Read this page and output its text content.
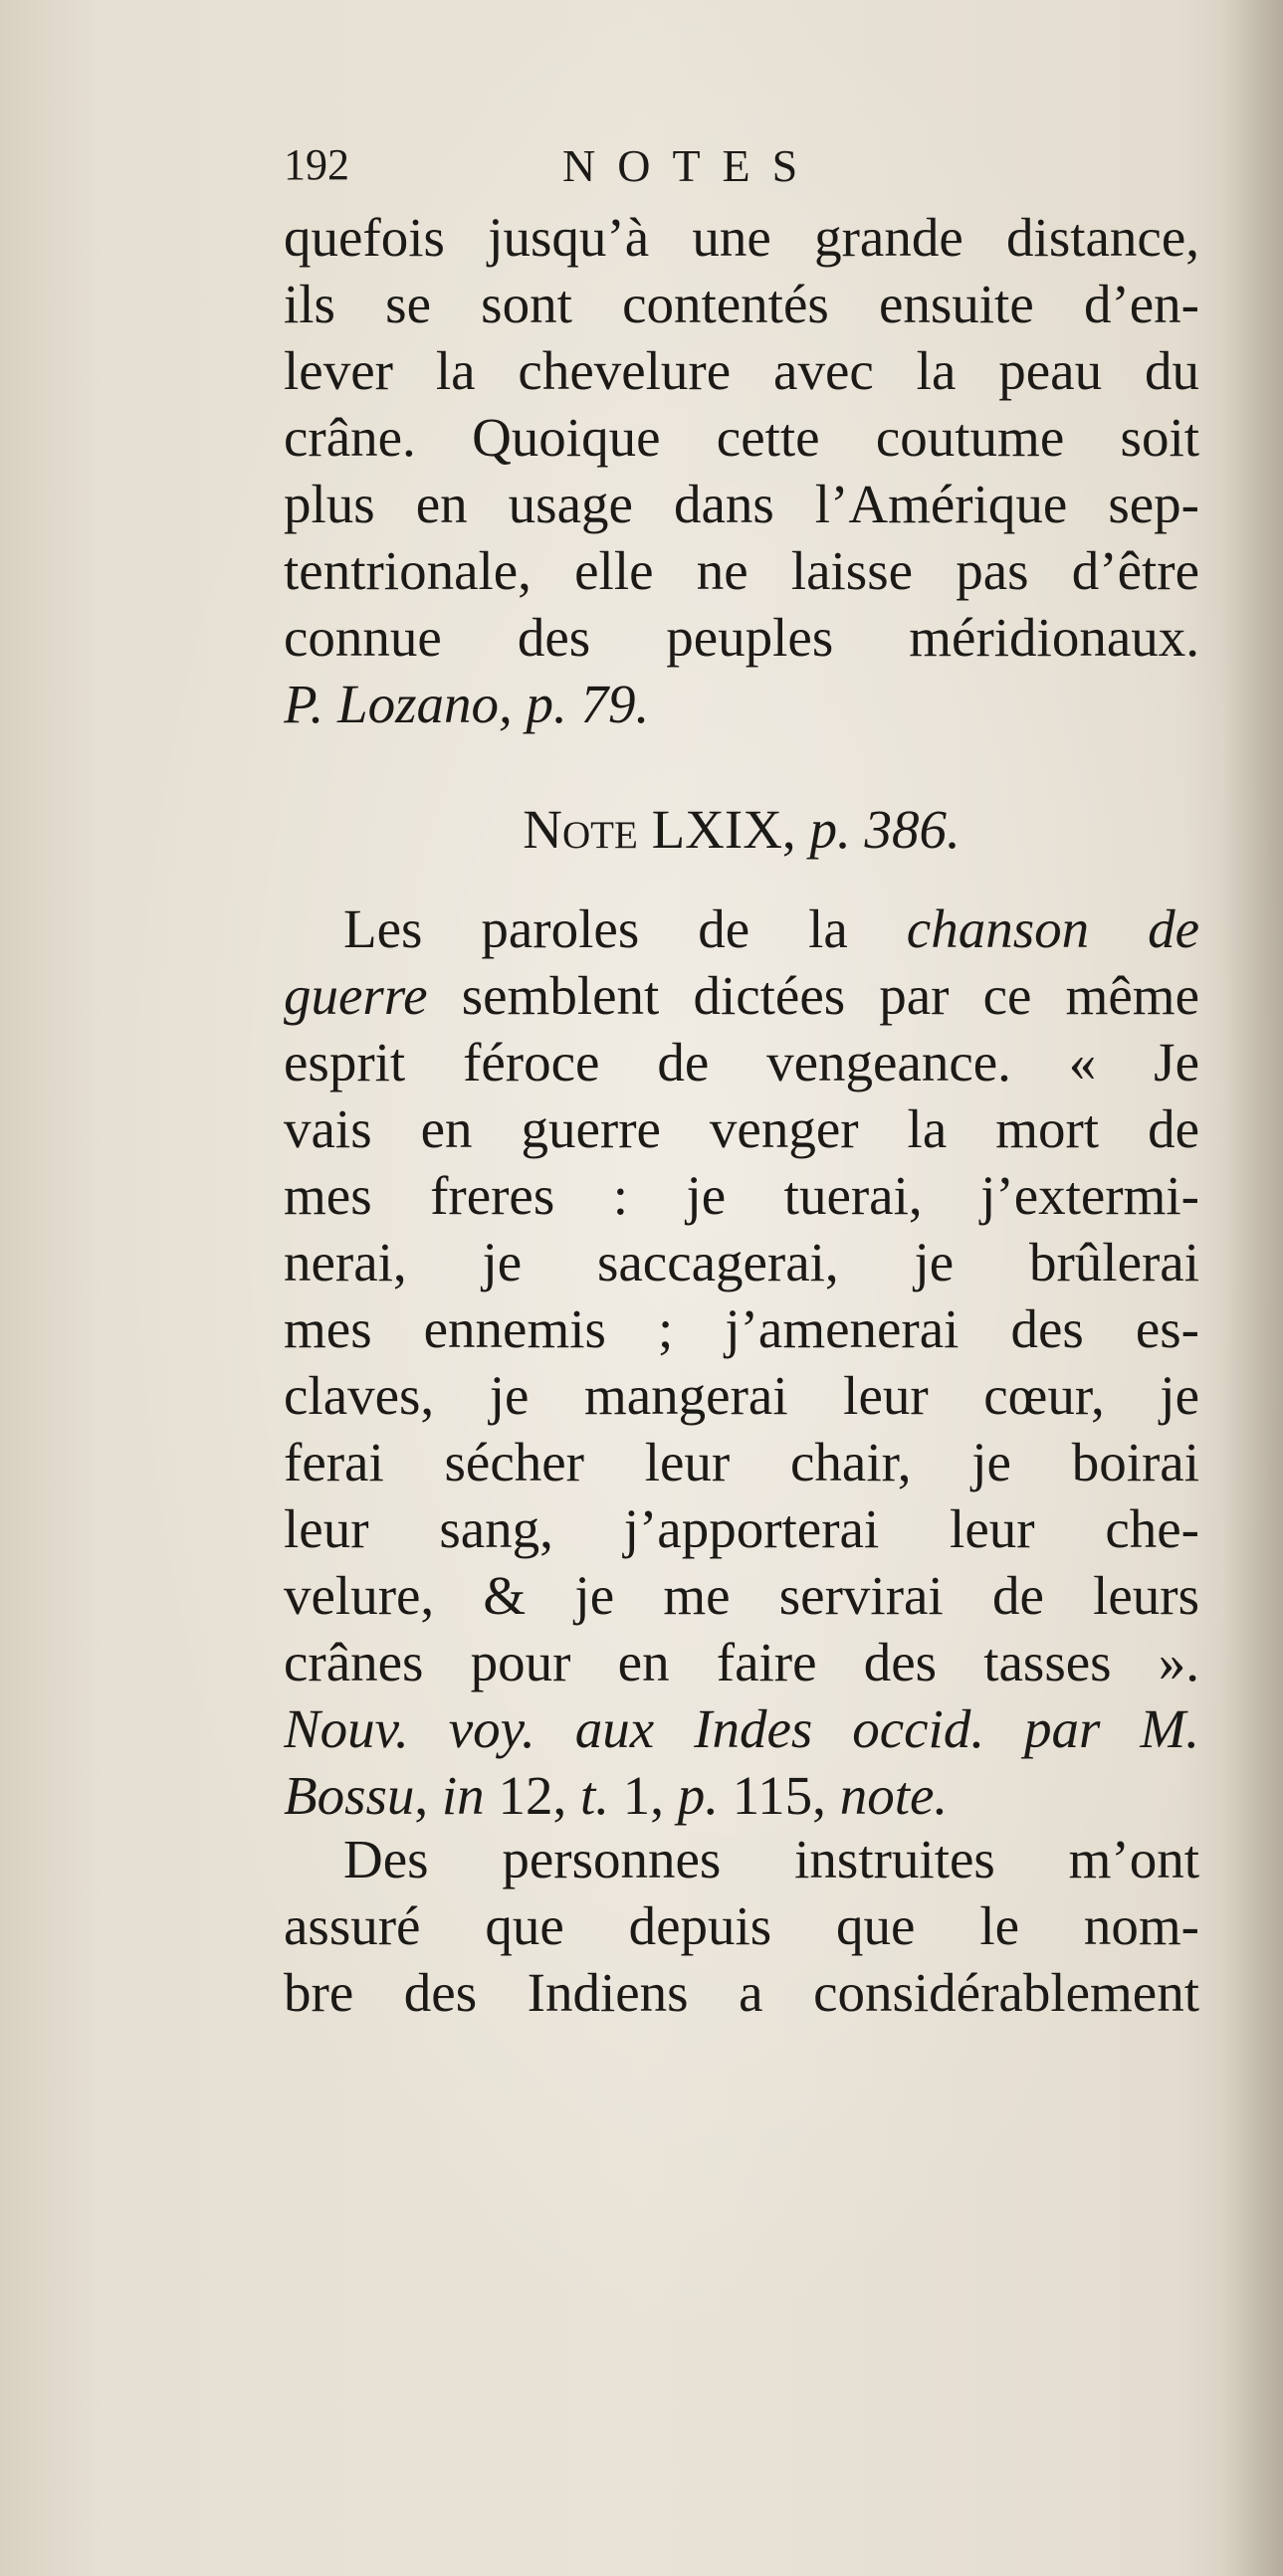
192	NOTES
quefois jusqu’à une grande distance,
ils se sont contentés ensuite d’en-
lever la chevelure avec la peau du
crâne. Quoique cette coutume soit
plus en usage dans l’Amérique sep-
tentrionale, elle ne laisse pas d’être
connue des peuples méridionaux.
P. Lozano, p. 79.
Note LXIX, p. 386.
Les paroles de la chanson de
guerre semblent dictées par ce même
esprit féroce de vengeance. « Je
vais en guerre venger la mort de
mes freres : je tuerai, j’extermi-
nerai, je saccagerai, je brûlerai
mes ennemis ; j’amenerai des es-
claves, je mangerai leur cœur, je
ferai sécher leur chair, je boirai
leur sang, j’apporterai leur che-
velure, & je me servirai de leurs
crânes pour en faire des tasses ».
Nouv. voy. aux Indes occid. par M.
Bossu, in 12, t. 1, p. 115, note.
Des personnes instruites m’ont
assuré que depuis que le nom-
bre des Indiens a considérablement
